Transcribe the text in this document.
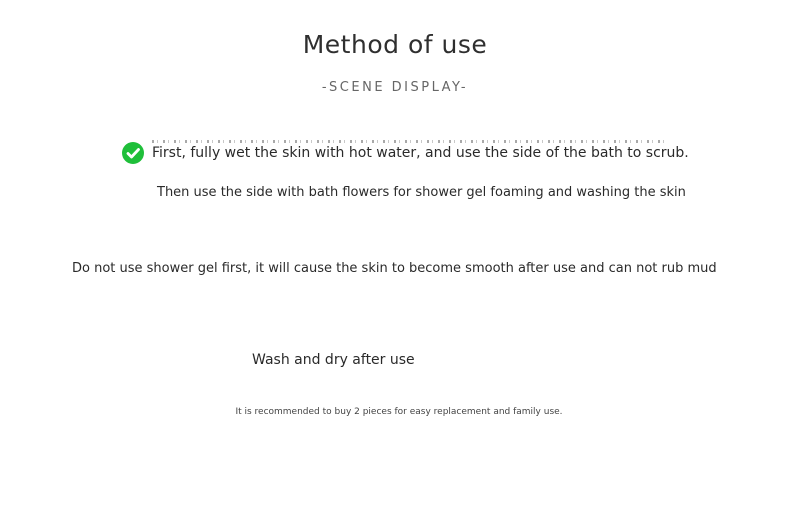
Method of use
-SCENE DISPLAY-
First, fully wet the skin with hot water, and use the side of the bath to scrub.
Then use the side with bath flowers for shower gel foaming and washing the skin
Do not use shower gel first, it will cause the skin to become smooth after use and can not rub mud
Wash and dry after use
It is recommended to buy 2 pieces for easy replacement and family use.
